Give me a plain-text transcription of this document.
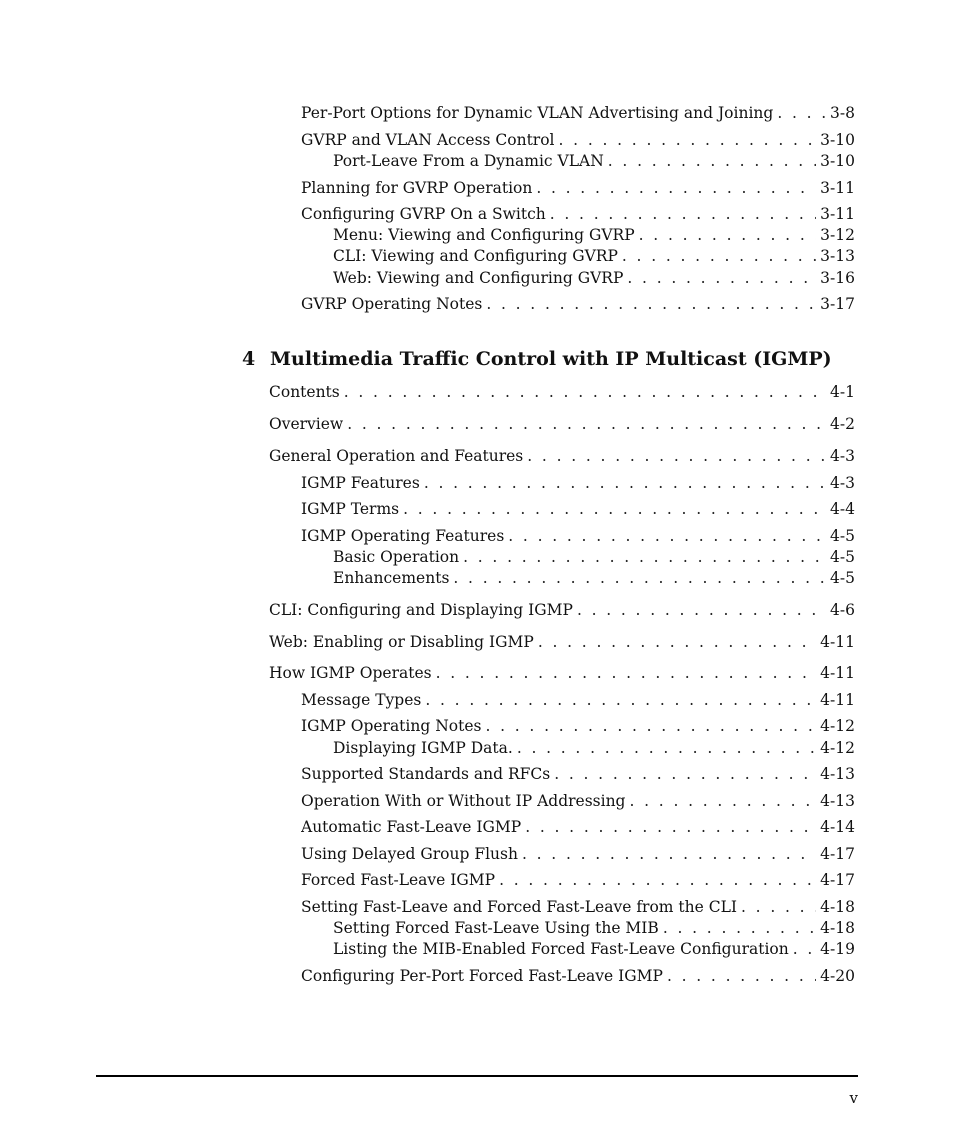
Per-Port Options for Dynamic VLAN Advertising and Joining . . .	3-8
GVRP and VLAN Access Control . . .	3-10
Port-Leave From a Dynamic VLAN . . .	3-10
Planning for GVRP Operation . . .	3-11
Configuring GVRP On a Switch . . .	3-11
Menu: Viewing and Configuring GVRP . . .	3-12
CLI: Viewing and Configuring GVRP . . .	3-13
Web: Viewing and Configuring GVRP . . .	3-16
GVRP Operating Notes . . .	3-17
4 Multimedia Traffic Control with IP Multicast (IGMP)
Contents . . .	4-1
Overview . . .	4-2
General Operation and Features . . .	4-3
IGMP Features . . .	4-3
IGMP Terms . . .	4-4
IGMP Operating Features . . .	4-5
Basic Operation . . .	4-5
Enhancements . . .	4-5
CLI: Configuring and Displaying IGMP . . .	4-6
Web: Enabling or Disabling IGMP . . .	4-11
How IGMP Operates . . .	4-11
Message Types . . .	4-11
IGMP Operating Notes . . .	4-12
Displaying IGMP Data. . . .	4-12
Supported Standards and RFCs . . .	4-13
Operation With or Without IP Addressing . . .	4-13
Automatic Fast-Leave IGMP . . .	4-14
Using Delayed Group Flush . . .	4-17
Forced Fast-Leave IGMP . . .	4-17
Setting Fast-Leave and Forced Fast-Leave from the CLI . . .	4-18
Setting Forced Fast-Leave Using the MIB . . .	4-18
Listing the MIB-Enabled Forced Fast-Leave Configuration . . . 4-19
Configuring Per-Port Forced Fast-Leave IGMP . . .	4-20
v
